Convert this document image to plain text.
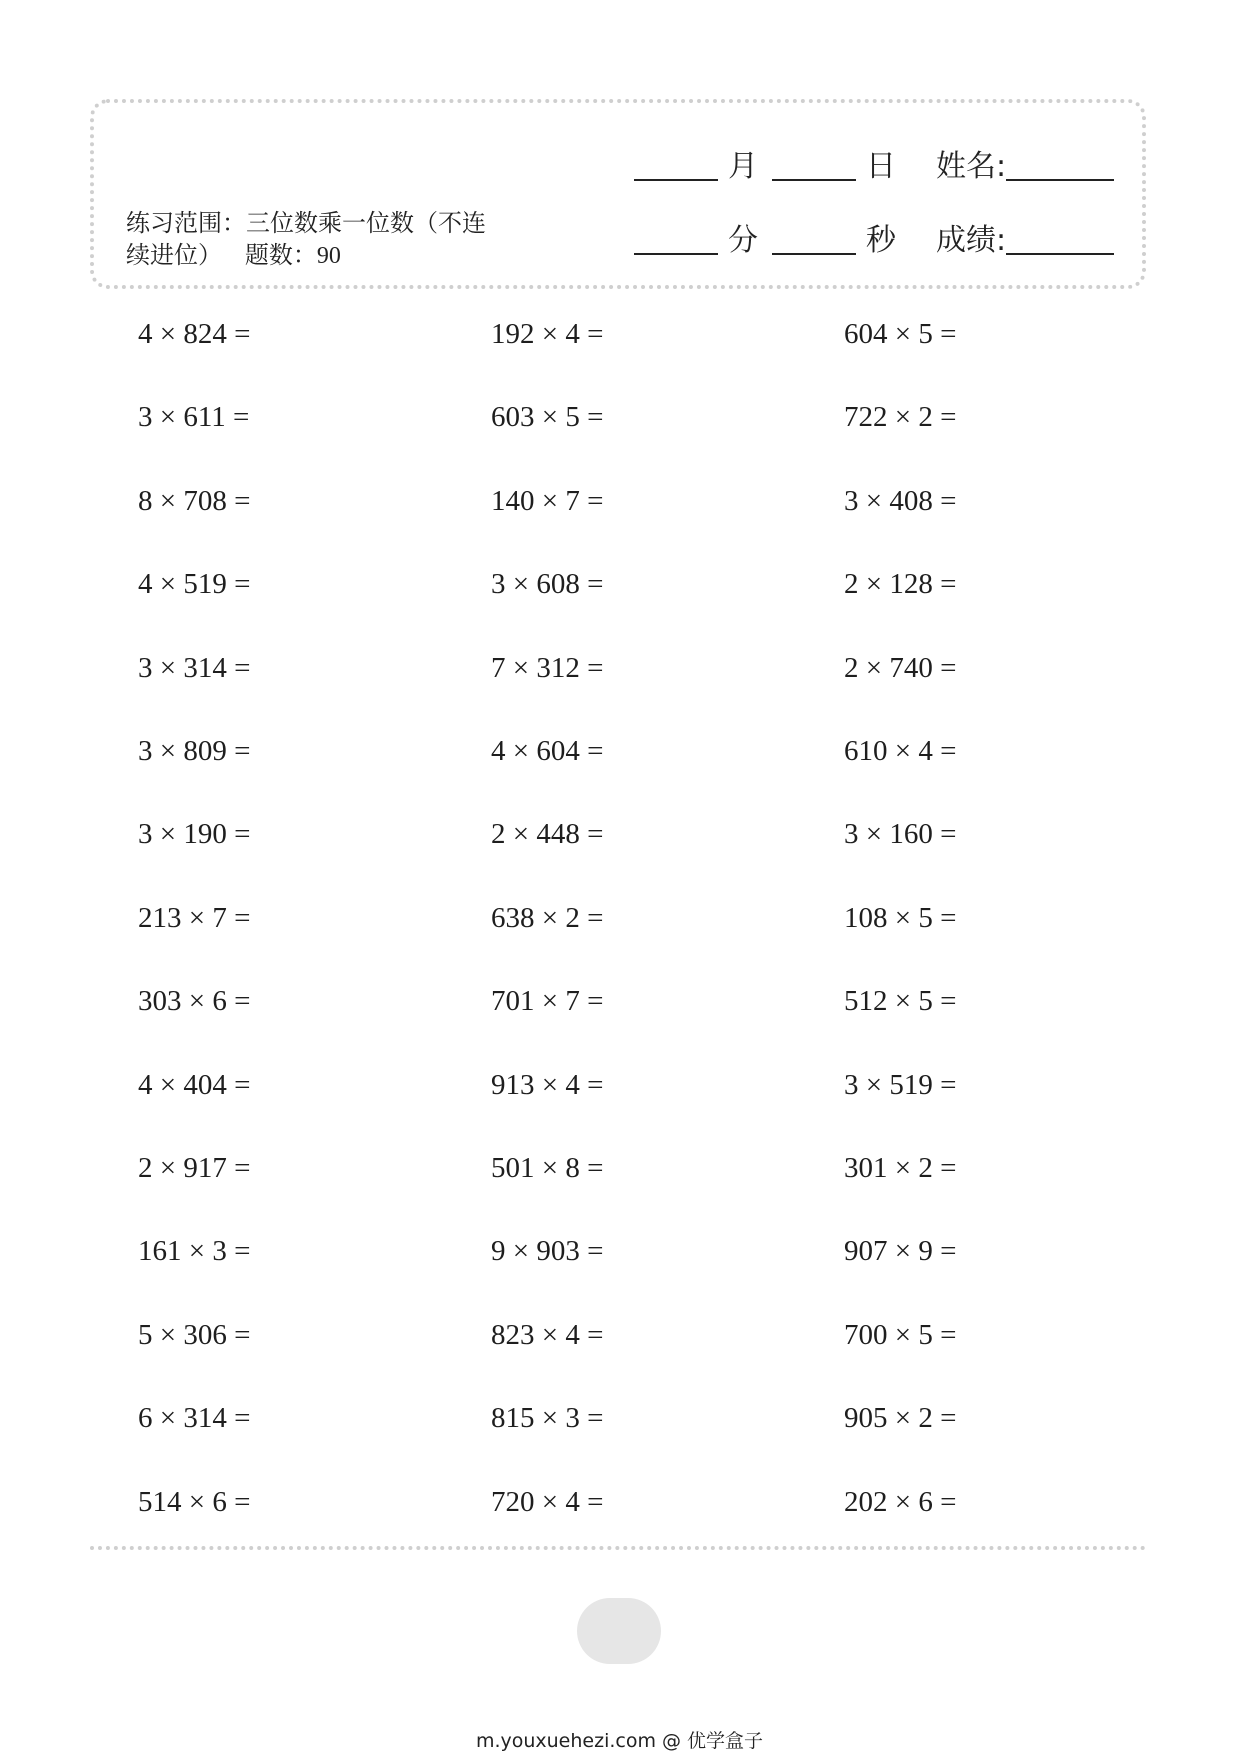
月	日 姓名:
分	秒 成绩:
练习范围：三位数乘一位数（不连续进位） 题数：90
4 × 824 =	192 × 4 =	604 × 5 =
3 × 611 =	603 × 5 =	722 × 2 =
8 × 708 =	140 × 7 =	3 × 408 =
4 × 519 =	3 × 608 =	2 × 128 =
3 × 314 =	7 × 312 =	2 × 740 =
3 × 809 =	4 × 604 =	610 × 4 =
3 × 190 =	2 × 448 =	3 × 160 =
213 × 7 =	638 × 2 =	108 × 5 =
303 × 6 =	701 × 7 =	512 × 5 =
4 × 404 =	913 × 4 =	3 × 519 =
2 × 917 =	501 × 8 =	301 × 2 =
161 × 3 =	9 × 903 =	907 × 9 =
5 × 306 =	823 × 4 =	700 × 5 =
6 × 314 =	815 × 3 =	905 × 2 =
514 × 6 =	720 × 4 =	202 × 6 =
m.youxuehezi.com @ 优学盒子
